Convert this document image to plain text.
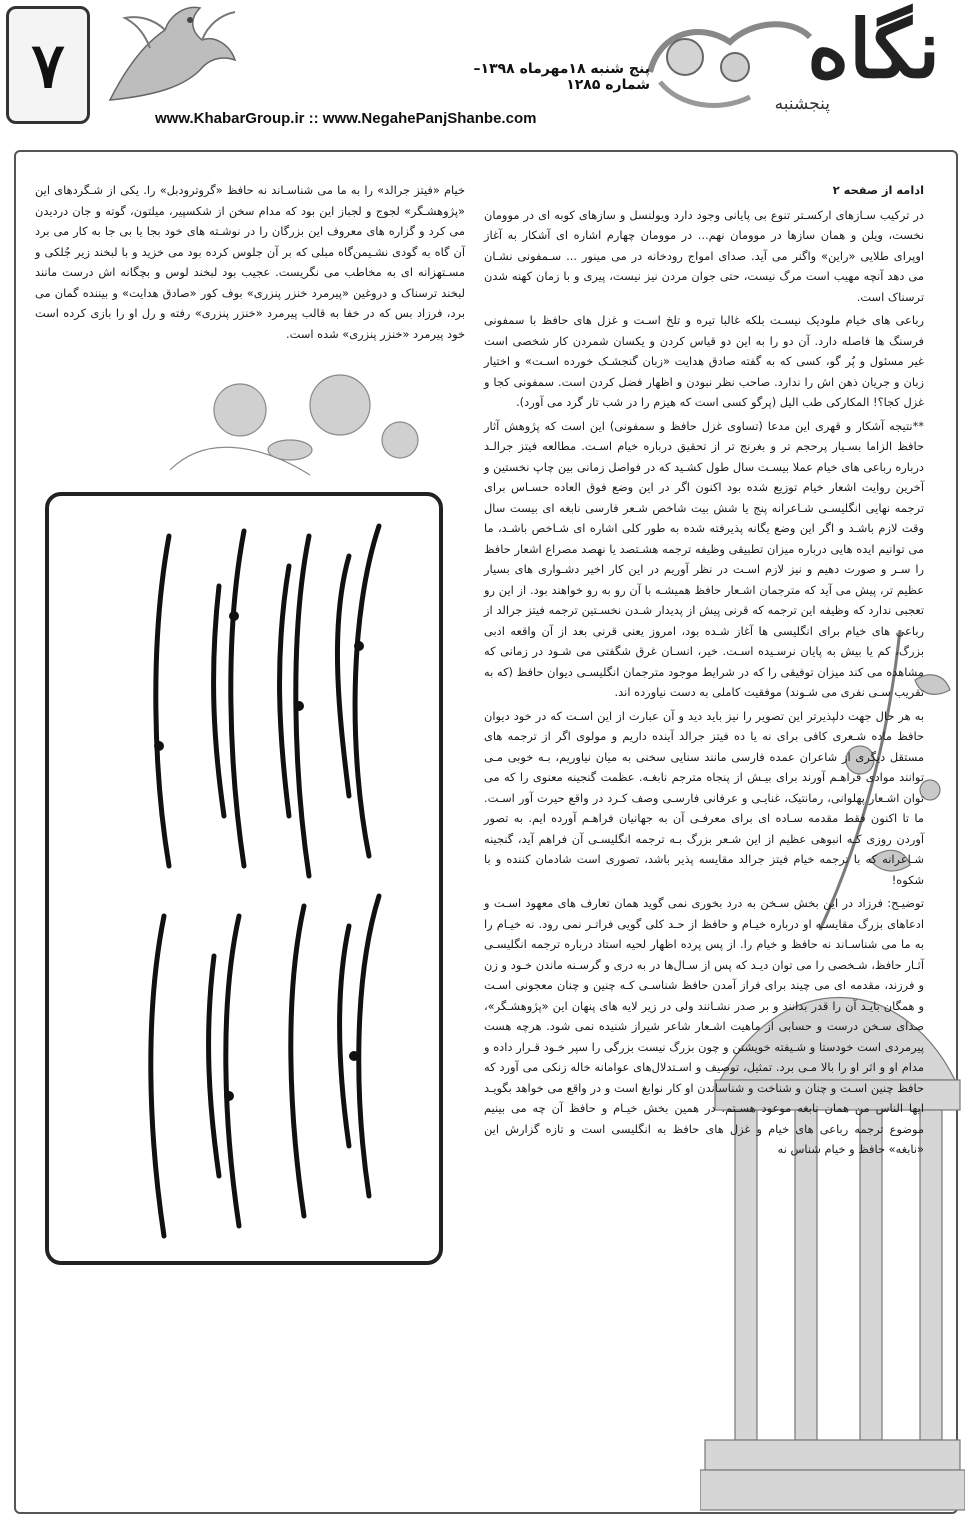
۷	نگاه
پنجشنبه
پنج شنبه ۱۸مهرماه ۱۳۹۸– شماره ۱۲۸۵
www.KhabarGroup.ir :: www.NegahePanjShanbe.com
ادامه از صفحه ۲

در ترکیب سـازهای ارکسـتر تنوع بی پایانی وجود دارد ویولنسل و سازهای کوبه ای در موومان نخست، ویلن و همان سازها در موومان نهم... در موومان چهارم اشاره ای آشکار به آغاز اوپرای طلایی «راین» واگنر می آید. صدای امواج رودخانه در می مینور ... سـمفونی نشـان می دهد آنچه مهیب است مرگ نیست، حتی جوان مردن نیز نیست، پیری و با زمان کهنه شدن ترسناک است.

رباعی های خیام ملودیک نیسـت بلکه غالبا تیره و تلخ اسـت و غزل های حافظ با سمفونی فرسنگ ها فاصله دارد. آن دو را به این دو قیاس کردن و یکسان شمردن کار شخصی است غیر مسئول و پُر گو، کسی که به گفته صادق هدایت «زبان گنجشـک خورده اسـت» و اختیار زبان و جریان ذهن اش را ندارد. صاحب نظر نبودن و اظهار فضل کردن است. سمفونی کجا و غزل کجا؟! المکارکی طب الیل (پرگو کسی است که هیزم را در شب تار گرد می آورد).

**نتیجه آشکار و قهری این مدعا (تساوی غزل حافظ و سمفونی) این است که پژوهش آثار حافظ الزاما بسـیار پرحجم تر و بغرنج تر از تحقیق درباره خیام اسـت. مطالعه فیتز جرالـد درباره رباعی های خیام عملا بیسـت سال طول کشـید که در فواصل زمانی بین چاپ نخستین و آخرین روایت اشعار خیام توزیع شده بود اکنون اگر در این وضع فوق العاده حسـاس برای ترجمه نهایی انگلیسـی شـاعرانه پنج یا شش بیت شاخص شـعر فارسی نابغه ای بیست سال وقت لازم باشـد و اگر این وضع یگانه پذیرفته شده به طور کلی اشاره ای شـاخص باشـد، ما می توانیم ایده هایی درباره میزان تطبیقی وظیفه ترجمه هشـتصد یا نهصد مصراع اشعار حافظ را سـر و صورت دهیم و نیز لازم اسـت در نظر آوریم در این کار اخیر دشـواری های بسیار عظیم تر، پیش می آید که مترجمان اشـعار حافظ همیشـه با آن رو به رو خواهند بود. از این رو تعجبی ندارد که وظیفه این ترجمه که قرنی پیش از پدیدار شـدن نخسـتین ترجمه فیتز جرالد از رباعی های خیام برای انگلیسی ها آغاز شـده بود، امروز یعنی قرنی بعد از آن واقعه ادبی بزرگ، کم یا بیش به پایان نرسـیده اسـت. خیر، انسـان غرق شگفتی می شـود در زمانی که مشاهده می کند میزان توفیقی را که در شرایط موجود مترجمان انگلیسـی دیوان حافظ (که به تقریب سـی نفری می شـوند) موفقیت کاملی به دست نیاورده اند.

به هر حال جهت دلپذیرتر این تصویر را نیز باید دید و آن عبارت از این اسـت که در خود دیوان حافظ ماده شـعری کافی برای نه یا ده فیتز جرالد آینده داریم و مولوی اگر از ترجمه های مستقل دیگری از شاعران عمده فارسی مانند سنایی سخنی به میان نیاوریم، بـه خوبی مـی توانند موادی فراهـم آورند برای بیـش از پنجاه مترجم نابغـه. عظمت گنجینه معنوی را که می توان اشـعار پهلوانی، رمانتیک، غنایـی و عرفانی فارسـی وصف کـرد در واقع حیرت آور اسـت. ما تا اکنون فقط مقدمه سـاده ای برای معرفـی آن به جهانیان فراهـم آورده ایم. به تصور آوردن روزی کـه انبوهی عظیم از این شـعر بزرگ بـه ترجمه انگلیسـی آن فراهم آید، گنجینه شـاعرانه که با ترجمه خیام فیتز جرالد مقایسه پذیر باشد، تصوری است شادمان کننده و با شکوه!

توضیـح: فرزاد در این بخش سـخن به درد بخوری نمی گوید همان تعارف های معهود اسـت و ادعاهای بزرگ مقایسـه او درباره خیـام و حافظ از حـد کلی گویی فراتـر نمی رود. نه خیـام را به ما می شناسـاند نه حافظ و خیام را. از پس پرده اظهار لحیه استاد درباره ترجمه انگلیسـی آثـار حافظ، شـخصی را می توان دیـد که پس از سـال‌ها در به دری و گرسـنه ماندن خـود و زن و فرزند، مقدمه ای می چیند برای فراز آمدن حافظ شناسـی کـه چنین و چنان معجونی اسـت و همگان بایـد آن را قدر بدانند و بر صدر نشـانند ولی در زیر لایه های پنهان این «پژوهشـگر»، صدای سـخن درست و حسابی از ماهیت اشـعار شاعر شیراز شنیده نمی شود. هرچه هست پیرمردی است خودستا و شـیفته خویشتن و چون بزرگ نیست بزرگی را سپر خـود قـرار داده و مدام او و اثر او را بالا مـی برد. تمثیل، توصیف و اسـتدلال‌های عوامانه خاله زنکی می آورد که حافظ چنین اسـت و چنان و شناخت و شناساندن او کار نوابغ است و در واقع می خواهد بگویـد ایها الناس من همان نابغه موعود هسـتم. در همین بخش خیـام و حافظ آن چه می بینیم موضوع ترجمه رباعی های خیام و غزل های حافظ به انگلیسی است و تازه گزارش این «نابغه» حافظ و خیام شناس نه

خیام «فیتز جرالد» را به ما می شناسـاند نه حافظ «گروترودبل» را. یکی از شـگردهای این «پژوهشـگر» لجوج و لجباز این بود که مدام سخن از شکسپیر، میلتون، گوته و جان دردیدن می کرد و گزاره های معروف این بزرگان را در نوشـته های خود بجا یا بی جا به کار می برد آن گاه به گودی نشـیمن‌گاه مبلی که بر آن جلوس کرده بود می خزید و با لبخند زیر جُلکی و مسـتهزانه ای به مخاطب می نگریست. عجیب بود لبخند لوس و بچگانه اش درست مانند لبخند ترسناک و دروغین «پیرمرد خنزر پنزری» بوف کور «صادق هدایت» و بیننده گمان می برد، فرزاد بس که در خفا به قالب پیرمرد «خنزر پنزری» رفته و رل او را بازی کرده است خود پیرمرد «خنزر پنزری» شده است.
